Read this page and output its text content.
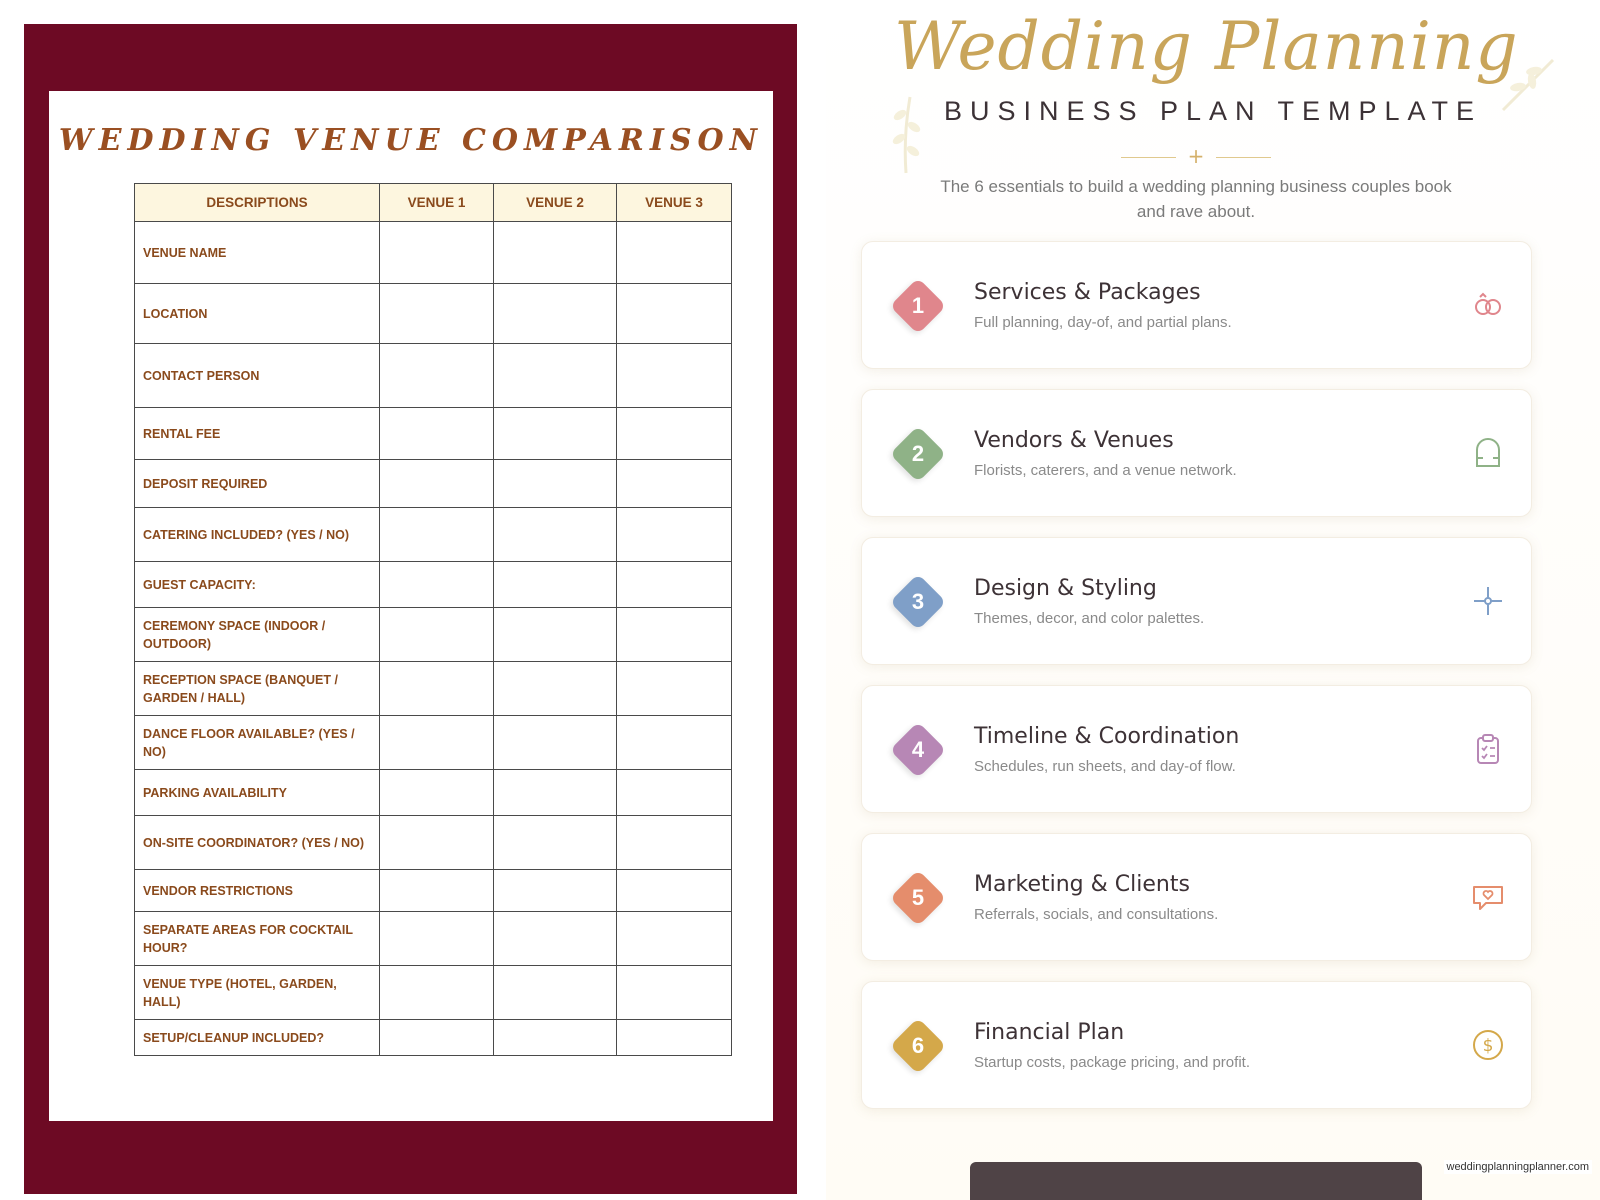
WEDDING VENUE COMPARISON
DESCRIPTIONS	VENUE 1	VENUE 2	VENUE 3
VENUE NAME			
LOCATION			
CONTACT PERSON			
RENTAL FEE			
DEPOSIT REQUIRED			
CATERING INCLUDED? (YES / NO)			
GUEST CAPACITY:			
CEREMONY SPACE (INDOOR / OUTDOOR)			
RECEPTION SPACE (BANQUET / GARDEN / HALL)			
DANCE FLOOR AVAILABLE? (YES / NO)			
PARKING AVAILABILITY			
ON-SITE COORDINATOR? (YES / NO)			
VENDOR RESTRICTIONS			
SEPARATE AREAS FOR COCKTAIL HOUR?			
VENUE TYPE (HOTEL, GARDEN, HALL)			
SETUP/CLEANUP INCLUDED?			
Wedding Planning
BUSINESS PLAN TEMPLATE
+
The 6 essentials to build a wedding planning business couples book and rave about.
1
Services & Packages
Full planning, day-of, and partial plans.
2
Vendors & Venues
Florists, caterers, and a venue network.
3
Design & Styling
Themes, decor, and color palettes.
4
Timeline & Coordination
Schedules, run sheets, and day-of flow.
5
Marketing & Clients
Referrals, socials, and consultations.
6
Financial Plan
Startup costs, package pricing, and profit.
$
weddingplanningplanner.com
